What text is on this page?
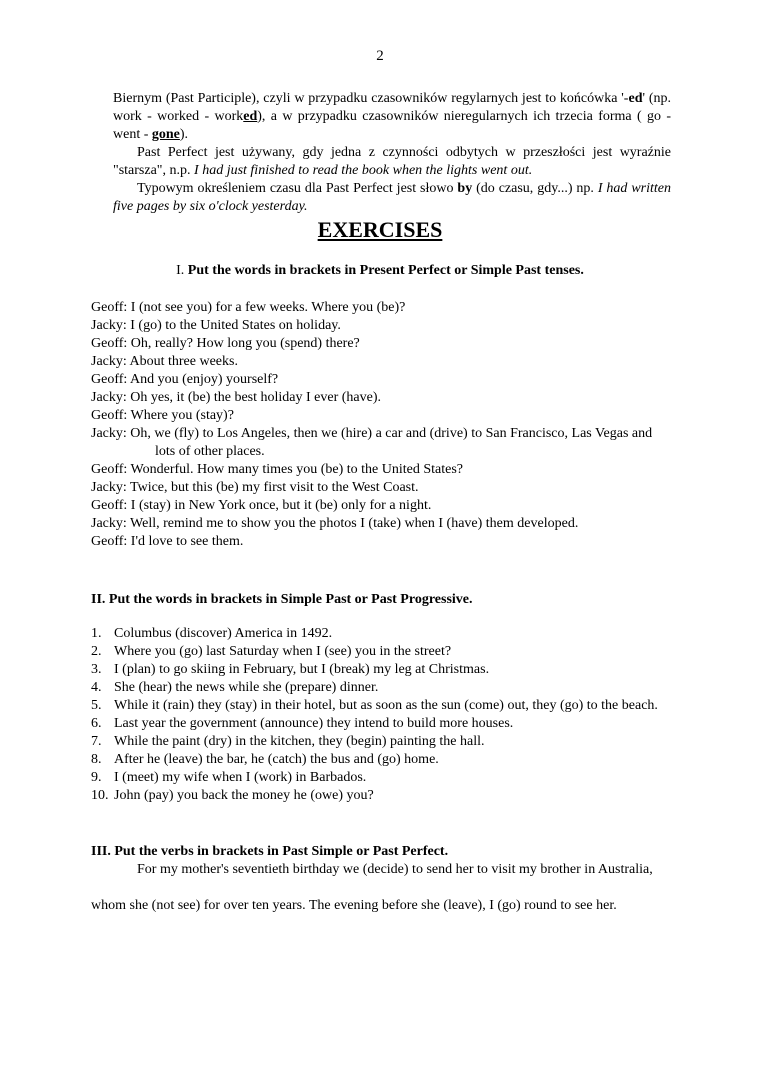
2

Biernym (Past Participle), czyli w przypadku czasowników regylarnych jest to końcówka '-ed' (np. work - worked - worked), a w przypadku czasowników nieregularnych ich trzecia forma ( go - went - gone).

Past Perfect jest używany, gdy jedna z czynności odbytych w przeszłości jest wyraźnie "starsza", n.p. I had just finished to read the book when the lights went out.

Typowym określeniem czasu dla Past Perfect jest słowo by (do czasu, gdy...) np. I had written five pages by six o'clock yesterday.

EXERCISES
I. Put the words in brackets in Present Perfect or Simple Past tenses.
Geoff: I (not see you) for a few weeks. Where you (be)?
Jacky: I (go) to the United States on holiday.
Geoff: Oh, really? How long you (spend) there?
Jacky: About three weeks.
Geoff: And you (enjoy) yourself?
Jacky: Oh yes, it (be) the best holiday I ever (have).
Geoff: Where you (stay)?
Jacky: Oh, we (fly) to Los Angeles, then we (hire) a car and (drive) to San Francisco, Las Vegas and
lots of other places.
Geoff: Wonderful. How many times you (be) to the United States?
Jacky: Twice, but this (be) my first visit to the West Coast.
Geoff: I (stay) in New York once, but it (be) only for a night.
Jacky: Well, remind me to show you the photos I (take) when I (have) them developed.
Geoff: I'd love to see them.
II. Put the words in brackets in Simple Past or Past Progressive.
1. Columbus (discover) America in 1492.
2. Where you (go) last Saturday when I (see) you in the street?
3. I (plan) to go skiing in February, but I (break) my leg at Christmas.
4. She (hear) the news while she (prepare) dinner.
5. While it (rain) they (stay) in their hotel, but as soon as the sun (come) out, they (go) to the beach.
6. Last year the government (announce) they intend to build more houses.
7. While the paint (dry) in the kitchen, they (begin) painting the hall.
8. After he (leave) the bar, he (catch) the bus and (go) home.
9. I (meet) my wife when I (work) in Barbados.
10. John (pay) you back the money he (owe) you?
III. Put the verbs in brackets in Past Simple or Past Perfect.

For my mother's seventieth birthday we (decide) to send her to visit my brother in Australia,

whom she (not see) for over ten years. The evening before she (leave), I (go) round to see her.
